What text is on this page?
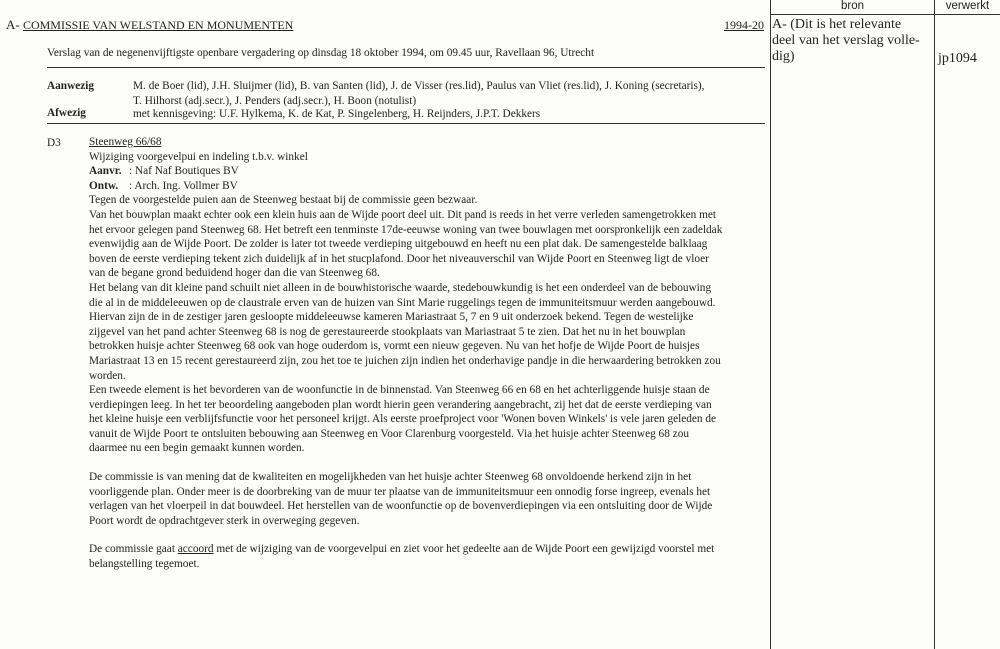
bron	verwerkt
A- COMMISSIE VAN WELSTAND EN MONUMENTEN	1994-20
Verslag van de negenenvijftigste openbare vergadering op dinsdag 18 oktober 1994, om 09.45 uur, Ravellaan 96, Utrecht
A- (Dit is het relevante
deel van het verslag volle-
dig)	jp1094
Aanwezig	M. de Boer (lid), J.H. Sluijmer (lid), B. van Santen (lid), J. de Visser (res.lid), Paulus van Vliet (res.lid), J. Koning (secretaris),
T. Hilhorst (adj.secr.), J. Penders (adj.secr.), H. Boon (notulist)
Afwezig	met kennisgeving: U.F. Hylkema, K. de Kat, P. Singelenberg, H. Reijnders, J.P.T. Dekkers
D3 Steenweg 66/68
Wijziging voorgevelpui en indeling t.b.v. winkel
Aanvr. : Naf Naf Boutiques BV
Ontw. : Arch. Ing. Vollmer BV
Tegen de voorgestelde puien aan de Steenweg bestaat bij de commissie geen bezwaar.
Van het bouwplan maakt echter ook een klein huis aan de Wijde poort deel uit. Dit pand is reeds in het verre verleden samengetrokken met
het ervoor gelegen pand Steenweg 68. Het betreft een tenminste 17de-eeuwse woning van twee bouwlagen met oorspronkelijk een zadeldak
evenwijdig aan de Wijde Poort. De zolder is later tot tweede verdieping uitgebouwd en heeft nu een plat dak. De samengestelde balklaag
boven de eerste verdieping tekent zich duidelijk af in het stucplafond. Door het niveauverschil van Wijde Poort en Steenweg ligt de vloer
van de begane grond beduidend hoger dan die van Steenweg 68.
Het belang van dit kleine pand schuilt niet alleen in de bouwhistorische waarde, stedebouwkundig is het een onderdeel van de bebouwing
die al in de middeleeuwen op de claustrale erven van de huizen van Sint Marie ruggelings tegen de immuniteitsmuur werden aangebouwd.
Hiervan zijn de in de zestiger jaren gesloopte middeleeuwse kameren Mariastraat 5, 7 en 9 uit onderzoek bekend. Tegen de westelijke
zijgevel van het pand achter Steenweg 68 is nog de gerestaureerde stookplaats van Mariastraat 5 te zien. Dat het nu in het bouwplan
betrokken huisje achter Steenweg 68 ook van hoge ouderdom is, vormt een nieuw gegeven. Nu van het hofje de Wijde Poort de huisjes
Mariastraat 13 en 15 recent gerestaureerd zijn, zou het toe te juichen zijn indien het onderhavige pandje in die herwaardering betrokken zou
worden.
Een tweede element is het bevorderen van de woonfunctie in de binnenstad. Van Steenweg 66 en 68 en het achterliggende huisje staan de
verdiepingen leeg. In het ter beoordeling aangeboden plan wordt hierin geen verandering aangebracht, zij het dat de eerste verdieping van
het kleine huisje een verblijfsfunctie voor het personeel krijgt. Als eerste proefproject voor 'Wonen boven Winkels' is vele jaren geleden de
vanuit de Wijde Poort te ontsluiten bebouwing aan Steenweg en Voor Clarenburg voorgesteld. Via het huisje achter Steenweg 68 zou
daarmee nu een begin gemaakt kunnen worden.
De commissie is van mening dat de kwaliteiten en mogelijkheden van het huisje achter Steenweg 68 onvoldoende herkend zijn in het
voorliggende plan. Onder meer is de doorbreking van de muur ter plaatse van de immuniteitsmuur een onnodig forse ingreep, evenals het
verlagen van het vloerpeil in dat bouwdeel. Het herstellen van de woonfunctie op de bovenverdiepingen via een ontsluiting door de Wijde
Poort wordt de opdrachtgever sterk in overweging gegeven.
De commissie gaat accoord met de wijziging van de voorgevelpui en ziet voor het gedeelte aan de Wijde Poort een gewijzigd voorstel met
belangstelling tegemoet.
